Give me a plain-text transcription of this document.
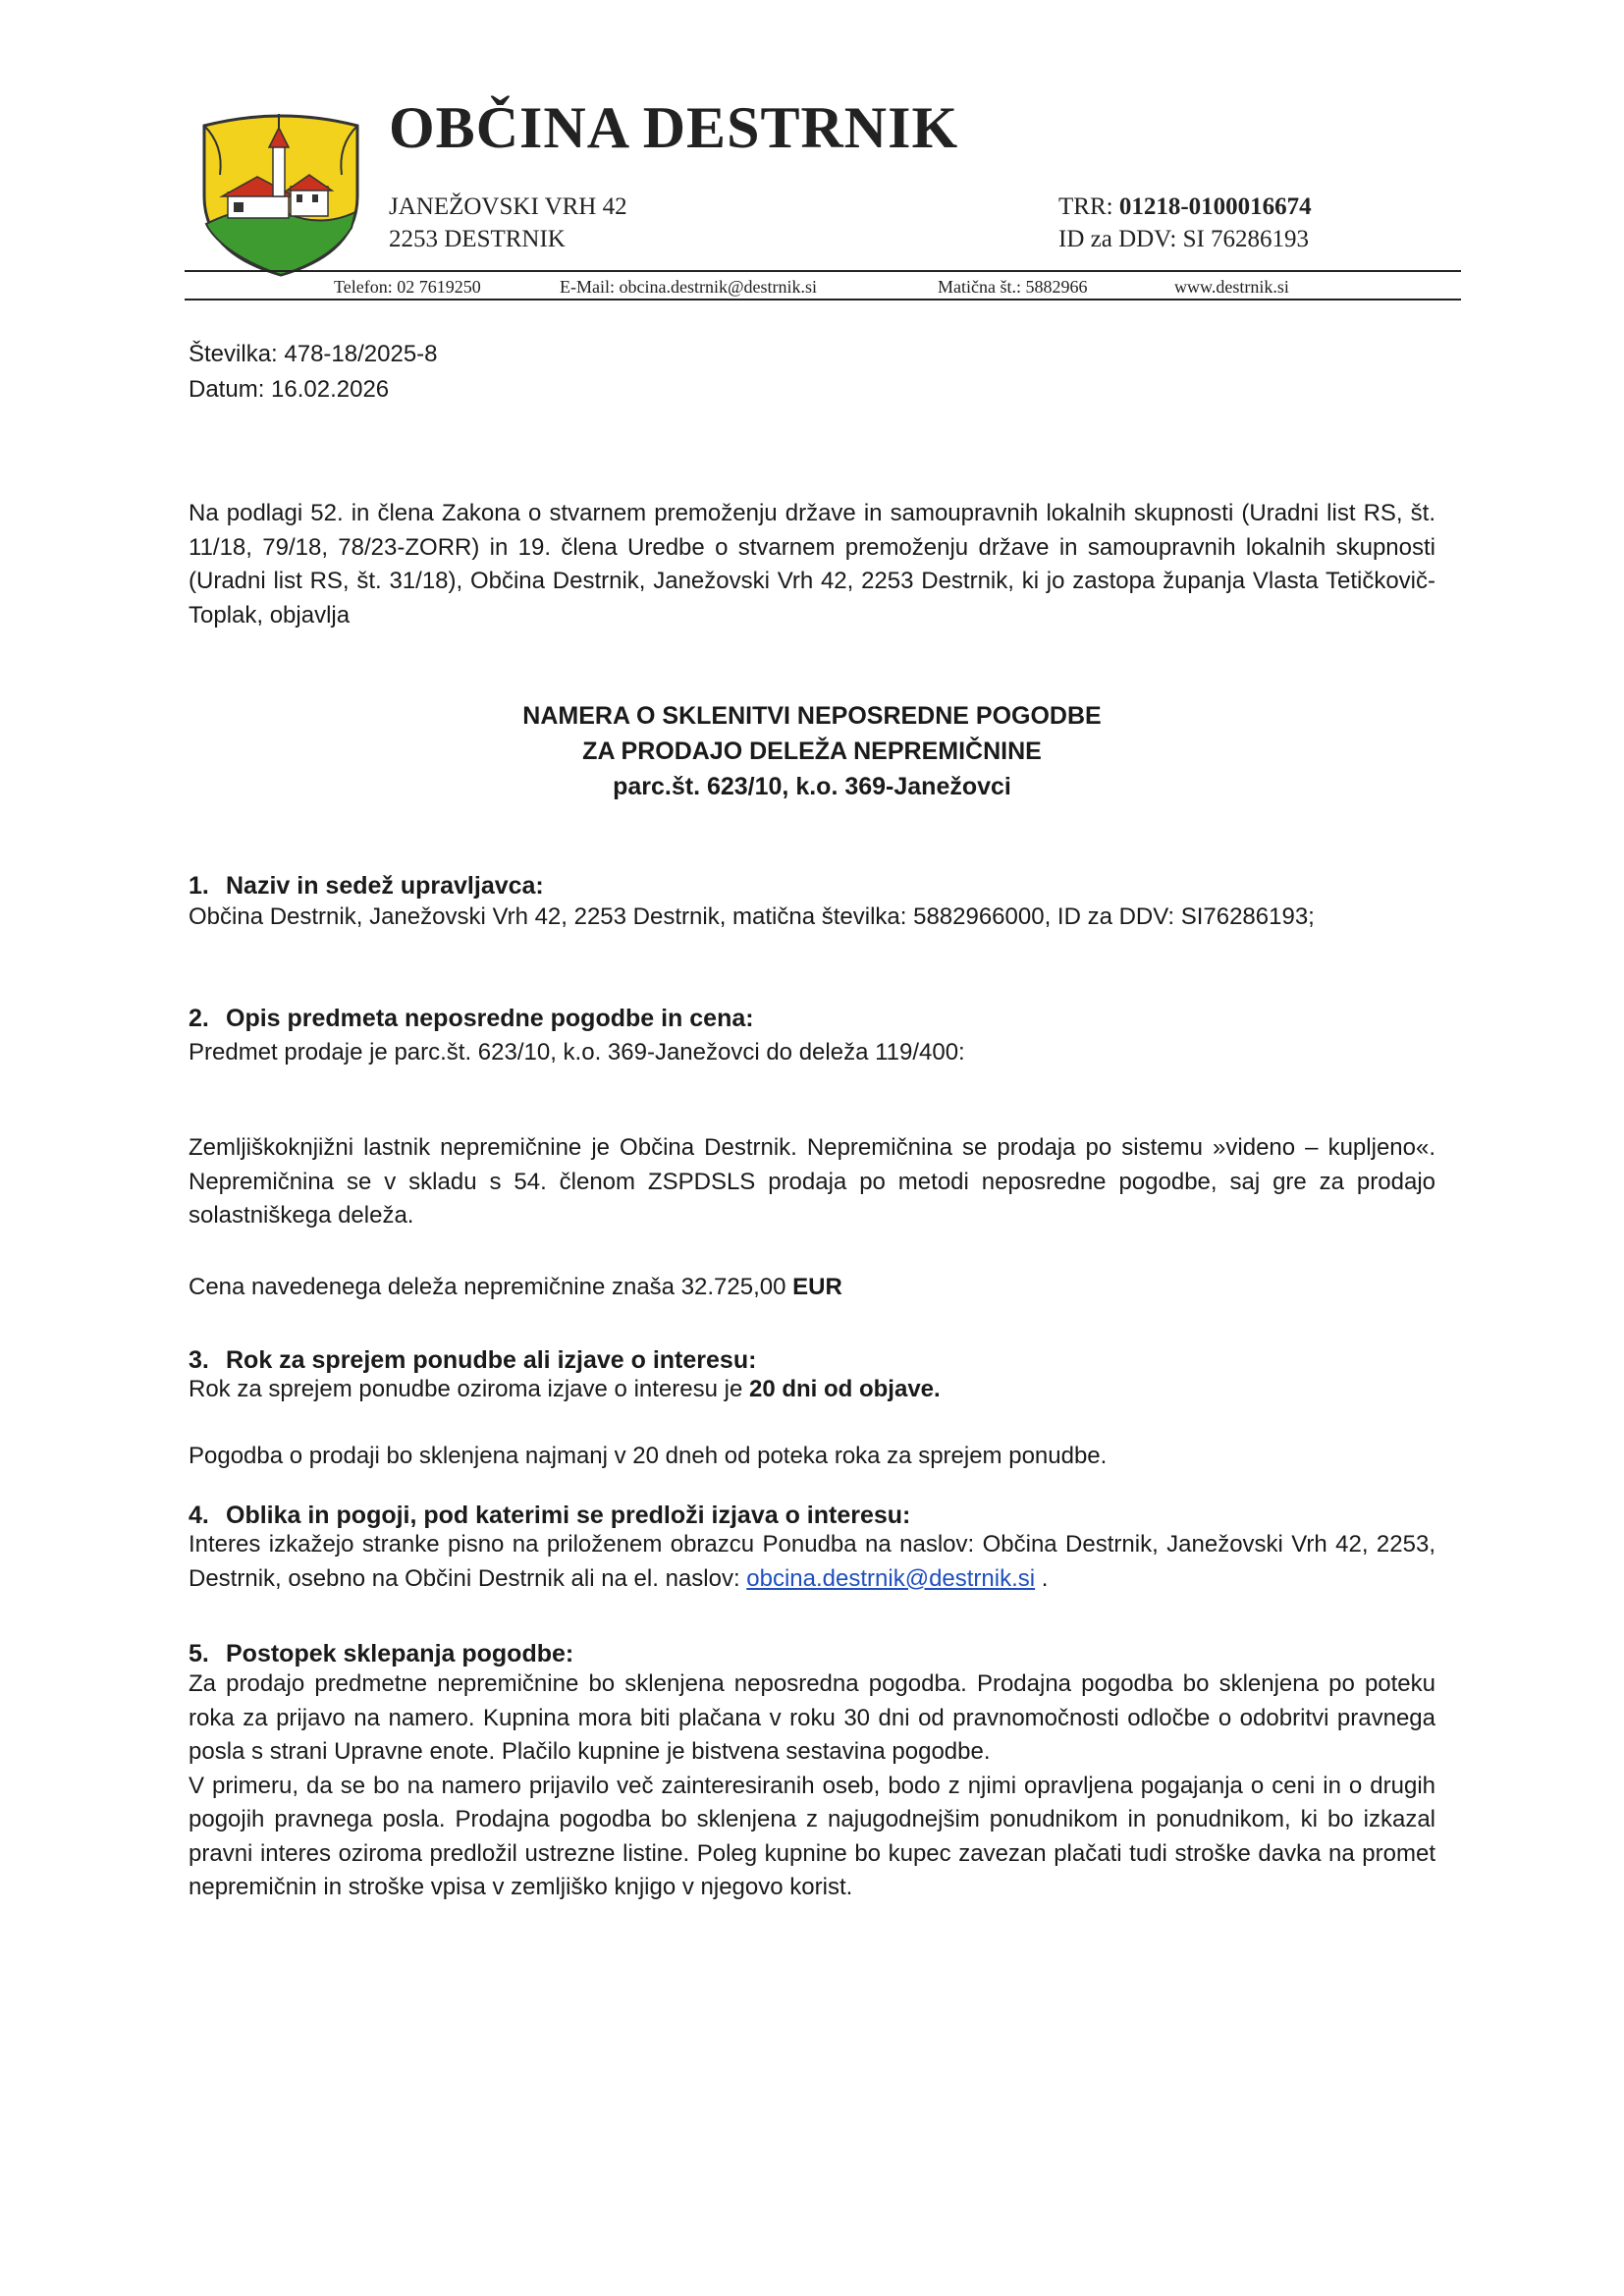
OBČINA DESTRNIK
JANEŽOVSKI VRH 42
2253 DESTRNIK
TRR: 01218-0100016674
ID za DDV: SI 76286193
Telefon: 02 7619250	E-Mail: obcina.destrnik@destrnik.si	Matična št.: 5882966	www.destrnik.si
Številka: 478-18/2025-8
Datum: 16.02.2026

Na podlagi 52. in člena Zakona o stvarnem premoženju države in samoupravnih lokalnih skupnosti (Uradni list RS, št. 11/18, 79/18, 78/23-ZORR) in 19. člena Uredbe o stvarnem premoženju države in samoupravnih lokalnih skupnosti (Uradni list RS, št. 31/18), Občina Destrnik, Janežovski Vrh 42, 2253 Destrnik, ki jo zastopa županja Vlasta Tetičkovič-Toplak, objavlja

NAMERA O SKLENITVI NEPOSREDNE POGODBE
ZA PRODAJO DELEŽA NEPREMIČNINE
parc.št. 623/10, k.o. 369-Janežovci
1. Naziv in sedež upravljavca:

Občina Destrnik, Janežovski Vrh 42, 2253 Destrnik, matična številka: 5882966000, ID za DDV: SI76286193;

2. Opis predmeta neposredne pogodbe in cena:

Predmet prodaje je parc.št. 623/10, k.o. 369-Janežovci do deleža 119/400:

Zemljiškoknjižni lastnik nepremičnine je Občina Destrnik. Nepremičnina se prodaja po sistemu »videno – kupljeno«. Nepremičnina se v skladu s 54. členom ZSPDSLS prodaja po metodi neposredne pogodbe, saj gre za prodajo solastniškega deleža.

Cena navedenega deleža nepremičnine znaša 32.725,00 EUR

3. Rok za sprejem ponudbe ali izjave o interesu:

Rok za sprejem ponudbe oziroma izjave o interesu je 20 dni od objave.

Pogodba o prodaji bo sklenjena najmanj v 20 dneh od poteka roka za sprejem ponudbe.

4. Oblika in pogoji, pod katerimi se predloži izjava o interesu:

Interes izkažejo stranke pisno na priloženem obrazcu Ponudba na naslov: Občina Destrnik, Janežovski Vrh 42, 2253, Destrnik, osebno na Občini Destrnik ali na el. naslov: obcina.destrnik@destrnik.si .

5. Postopek sklepanja pogodbe:

Za prodajo predmetne nepremičnine bo sklenjena neposredna pogodba. Prodajna pogodba bo sklenjena po poteku roka za prijavo na namero. Kupnina mora biti plačana v roku 30 dni od pravnomočnosti odločbe o odobritvi pravnega posla s strani Upravne enote. Plačilo kupnine je bistvena sestavina pogodbe.

V primeru, da se bo na namero prijavilo več zainteresiranih oseb, bodo z njimi opravljena pogajanja o ceni in o drugih pogojih pravnega posla. Prodajna pogodba bo sklenjena z najugodnejšim ponudnikom in ponudnikom, ki bo izkazal pravni interes oziroma predložil ustrezne listine. Poleg kupnine bo kupec zavezan plačati tudi stroške davka na promet nepremičnin in stroške vpisa v zemljiško knjigo v njegovo korist.
